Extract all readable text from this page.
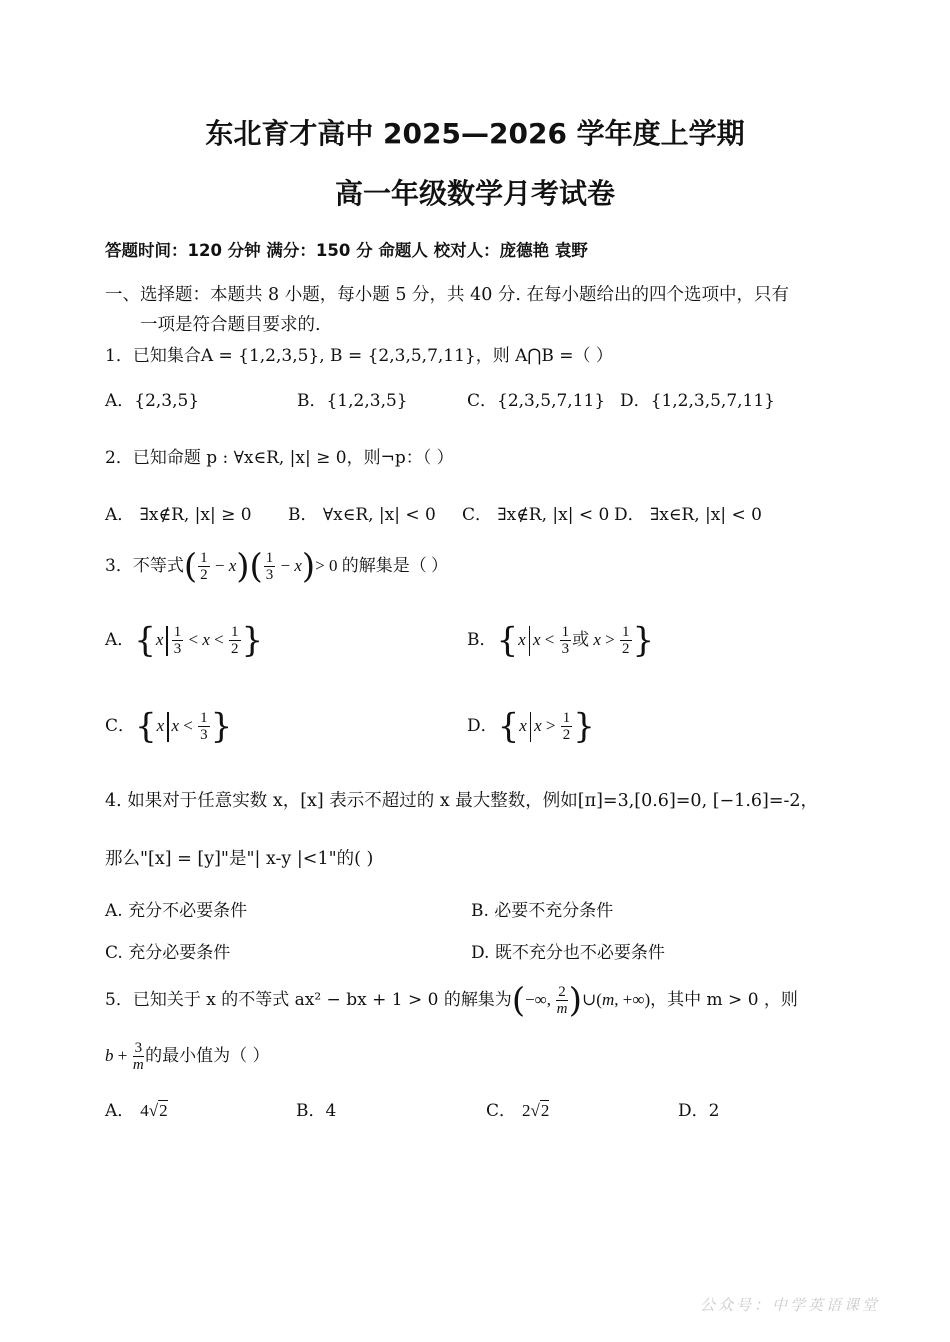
东北育才高中 2025—2026 学年度上学期
高一年级数学月考试卷
答题时间：120 分钟 满分：150 分 命题人 校对人：庞德艳 袁野
一、选择题：本题共 8 小题，每小题 5 分，共 40 分. 在每小题给出的四个选项中，只有
一项是符合题目要求的.
1．已知集合A = {1,2,3,5}, B = {2,3,5,7,11}，则 A⋂B =（ ）
A．{2,3,5}	B．{1,2,3,5}	C．{2,3,5,7,11} D．{1,2,3,5,7,11}
2．已知命题 p : ∀x∈R, |x| ≥ 0，则¬p：（ ）
A． ∃x∉R, |x| ≥ 0 B． ∀x∈R, |x| < 0 C． ∃x∉R, |x| < 0 D． ∃x∈R, |x| < 0
3．不等式( $\frac{1}{2} - x)( \frac{1}{3} - x)> 0$ 的解集是（ ）
A．{$x \frac{1}{3} < x < \frac{1}{2}$ }	B．{x $x < \frac{1}{3}$ 或 $x > \frac{1}{2}$ }
C．{x $x < \frac{1}{3}$ }	D．{x $x > \frac{1}{2}$ }
4. 如果对于任意实数 x，[x] 表示不超过的 x 最大整数，例如[π]=3,[0.6]=0, [−1.6]=-2，
那么"[x] = [y]"是"| x-y |<1"的( )
A. 充分不必要条件	B. 必要不充分条件
C. 充分必要条件	D. 既不充分也不必要条件
5．已知关于 x 的不等式 ax² − bx + 1 > 0 的解集为(−∞, $\frac{2}{m}$ )∪(m, +∞)，其中 m > 0 ，则
$b + \frac{3}{m}$ 的最小值为（ ）
A． 4√2	B．4	C． 2√2	D．2
公众号：中学英语课堂
